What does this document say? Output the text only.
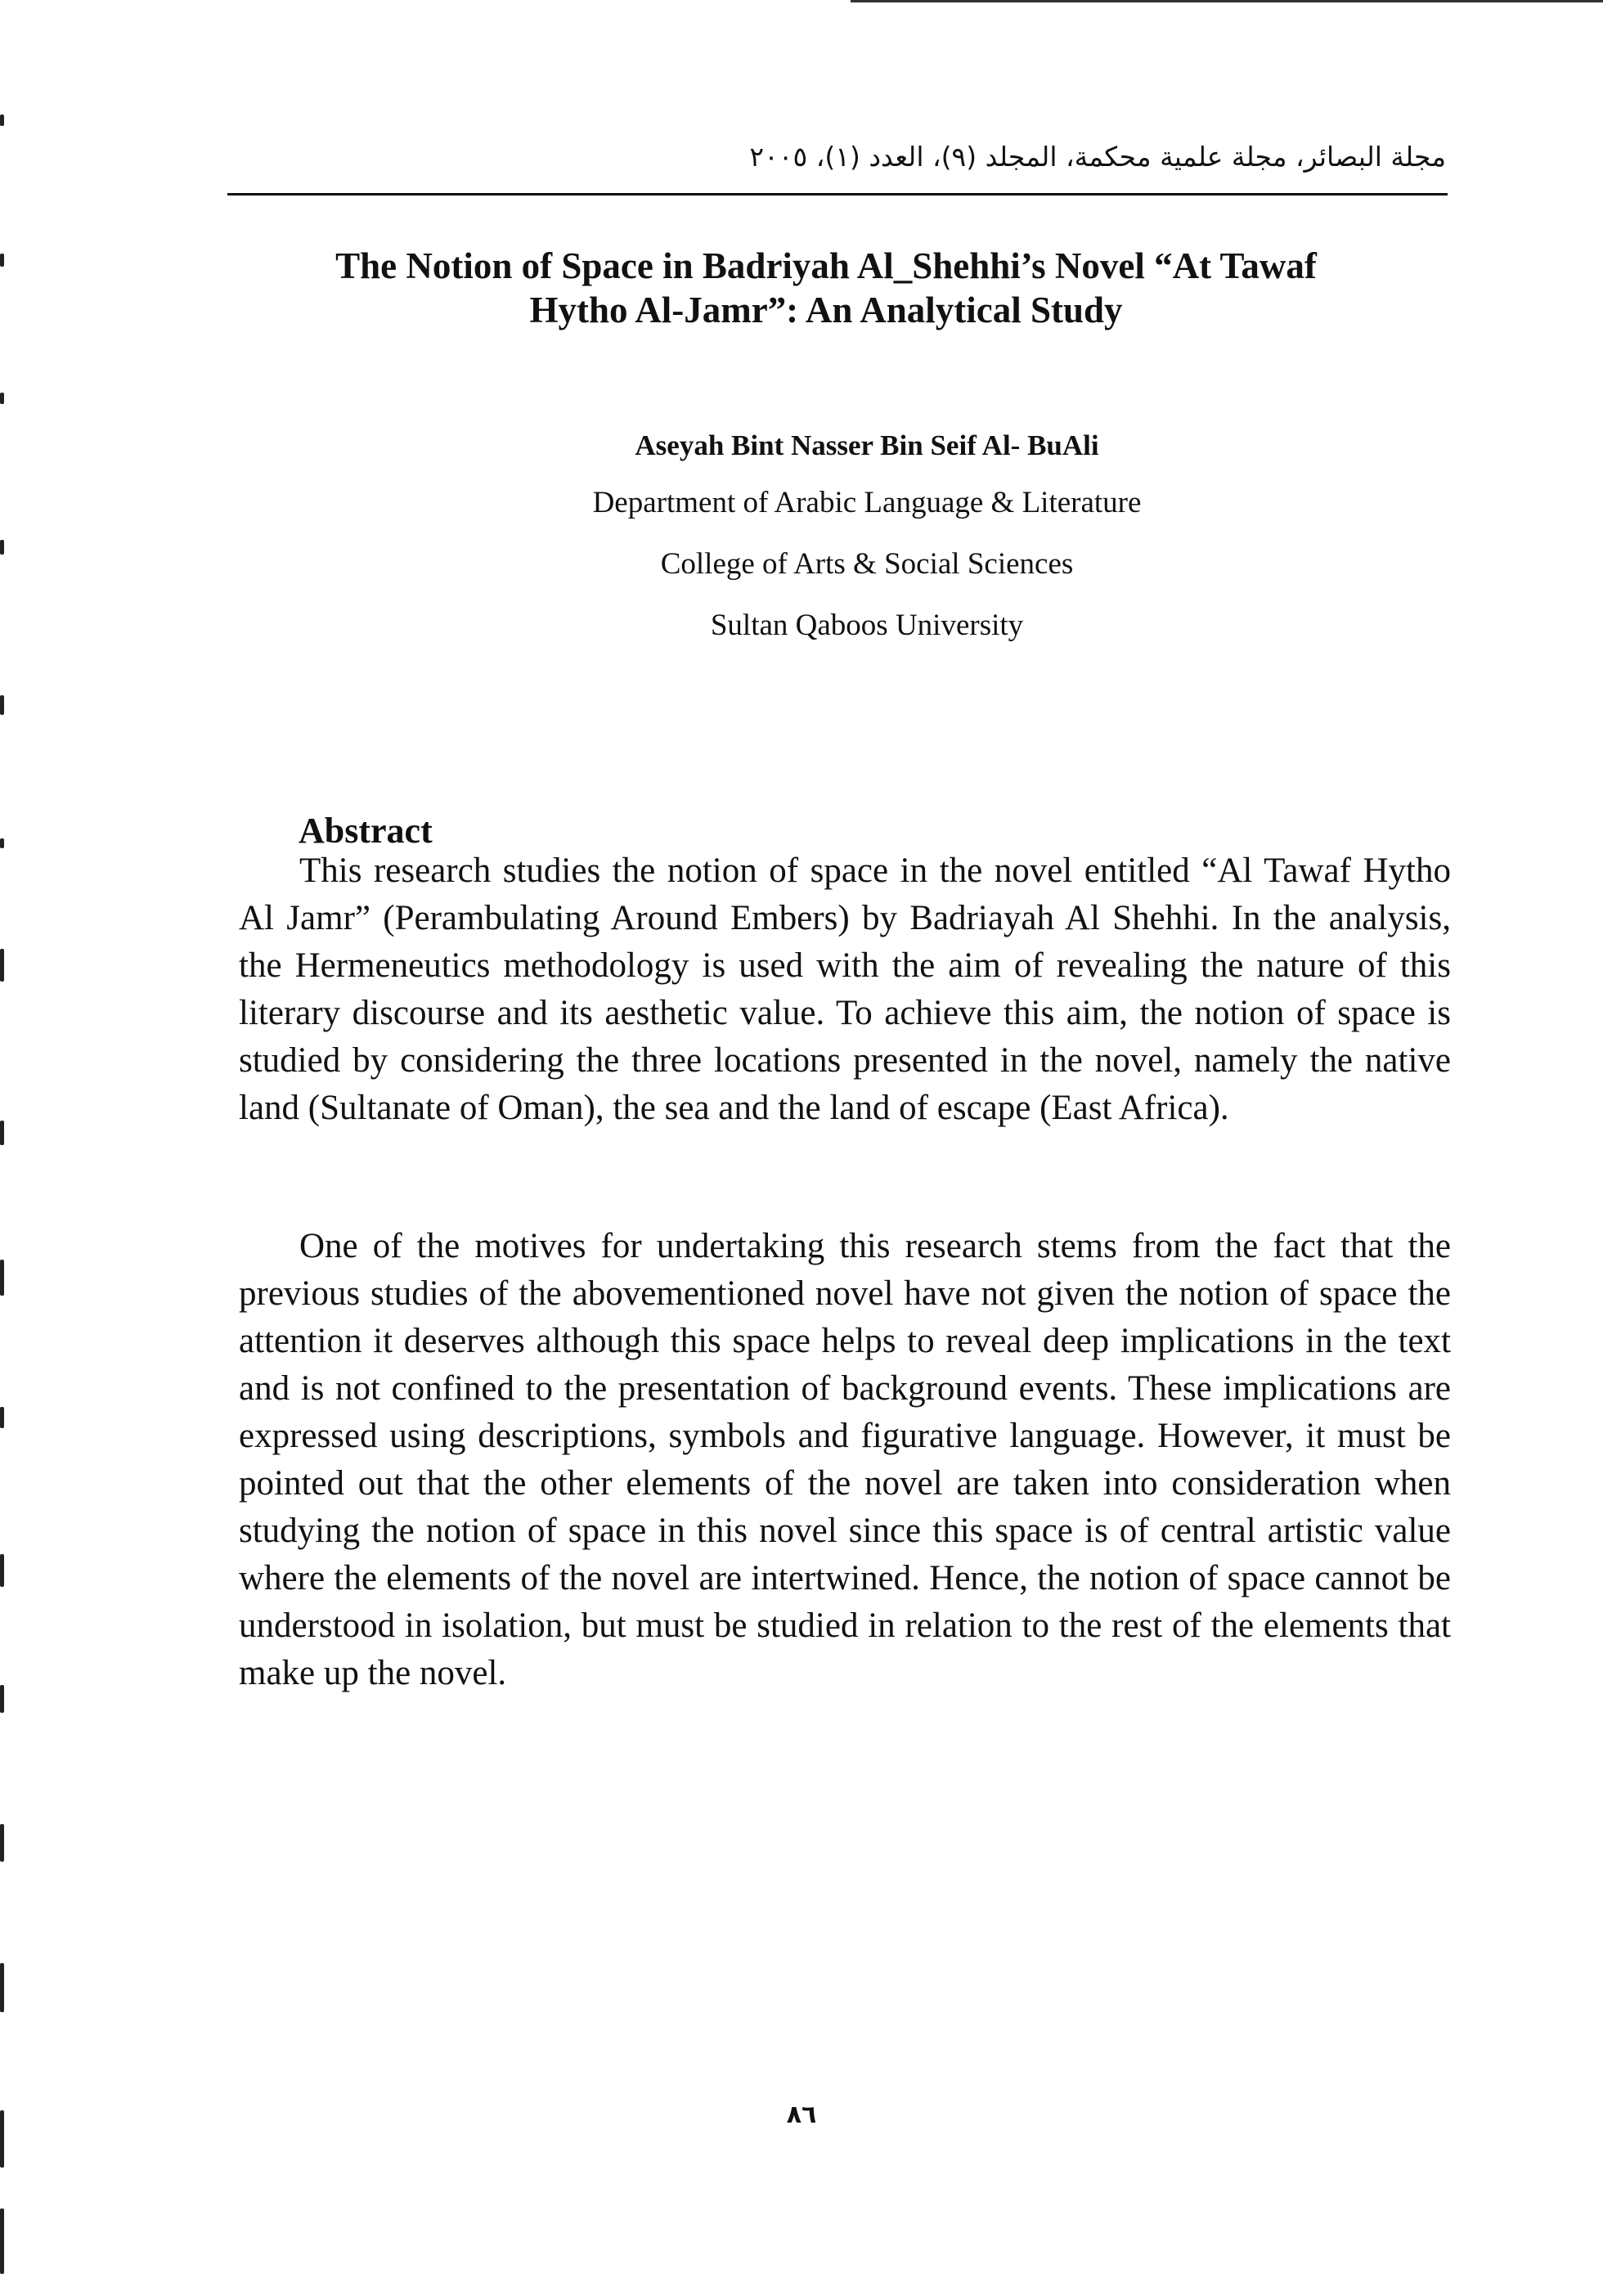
مجلة البصائر، مجلة علمية محكمة، المجلد (٩)، العدد (١)، ٢٠٠٥
The Notion of Space in Badriyah Al_Shehhi’s Novel “At Tawaf
Hytho Al-Jamr”: An Analytical Study
Aseyah Bint Nasser Bin Seif Al- BuAli
Department of Arabic Language & Literature
College of Arts & Social Sciences
Sultan Qaboos University
Abstract

This research studies the notion of space in the novel entitled “Al Tawaf Hytho Al Jamr” (Perambulating Around Embers) by Badriayah Al Shehhi. In the analysis, the Hermeneutics methodology is used with the aim of revealing the nature of this literary discourse and its aesthetic value. To achieve this aim, the notion of space is studied by considering the three locations presented in the novel, namely the native land (Sultanate of Oman), the sea and the land of escape (East Africa).

One of the motives for undertaking this research stems from the fact that the previous studies of the abovementioned novel have not given the notion of space the attention it deserves although this space helps to reveal deep implications in the text and is not confined to the presentation of background events. These implications are expressed using descriptions, symbols and figurative language. However, it must be pointed out that the other elements of the novel are taken into consideration when studying the notion of space in this novel since this space is of central artistic value where the elements of the novel are intertwined. Hence, the notion of space cannot be understood in isolation, but must be studied in relation to the rest of the elements that make up the novel.

٨٦
